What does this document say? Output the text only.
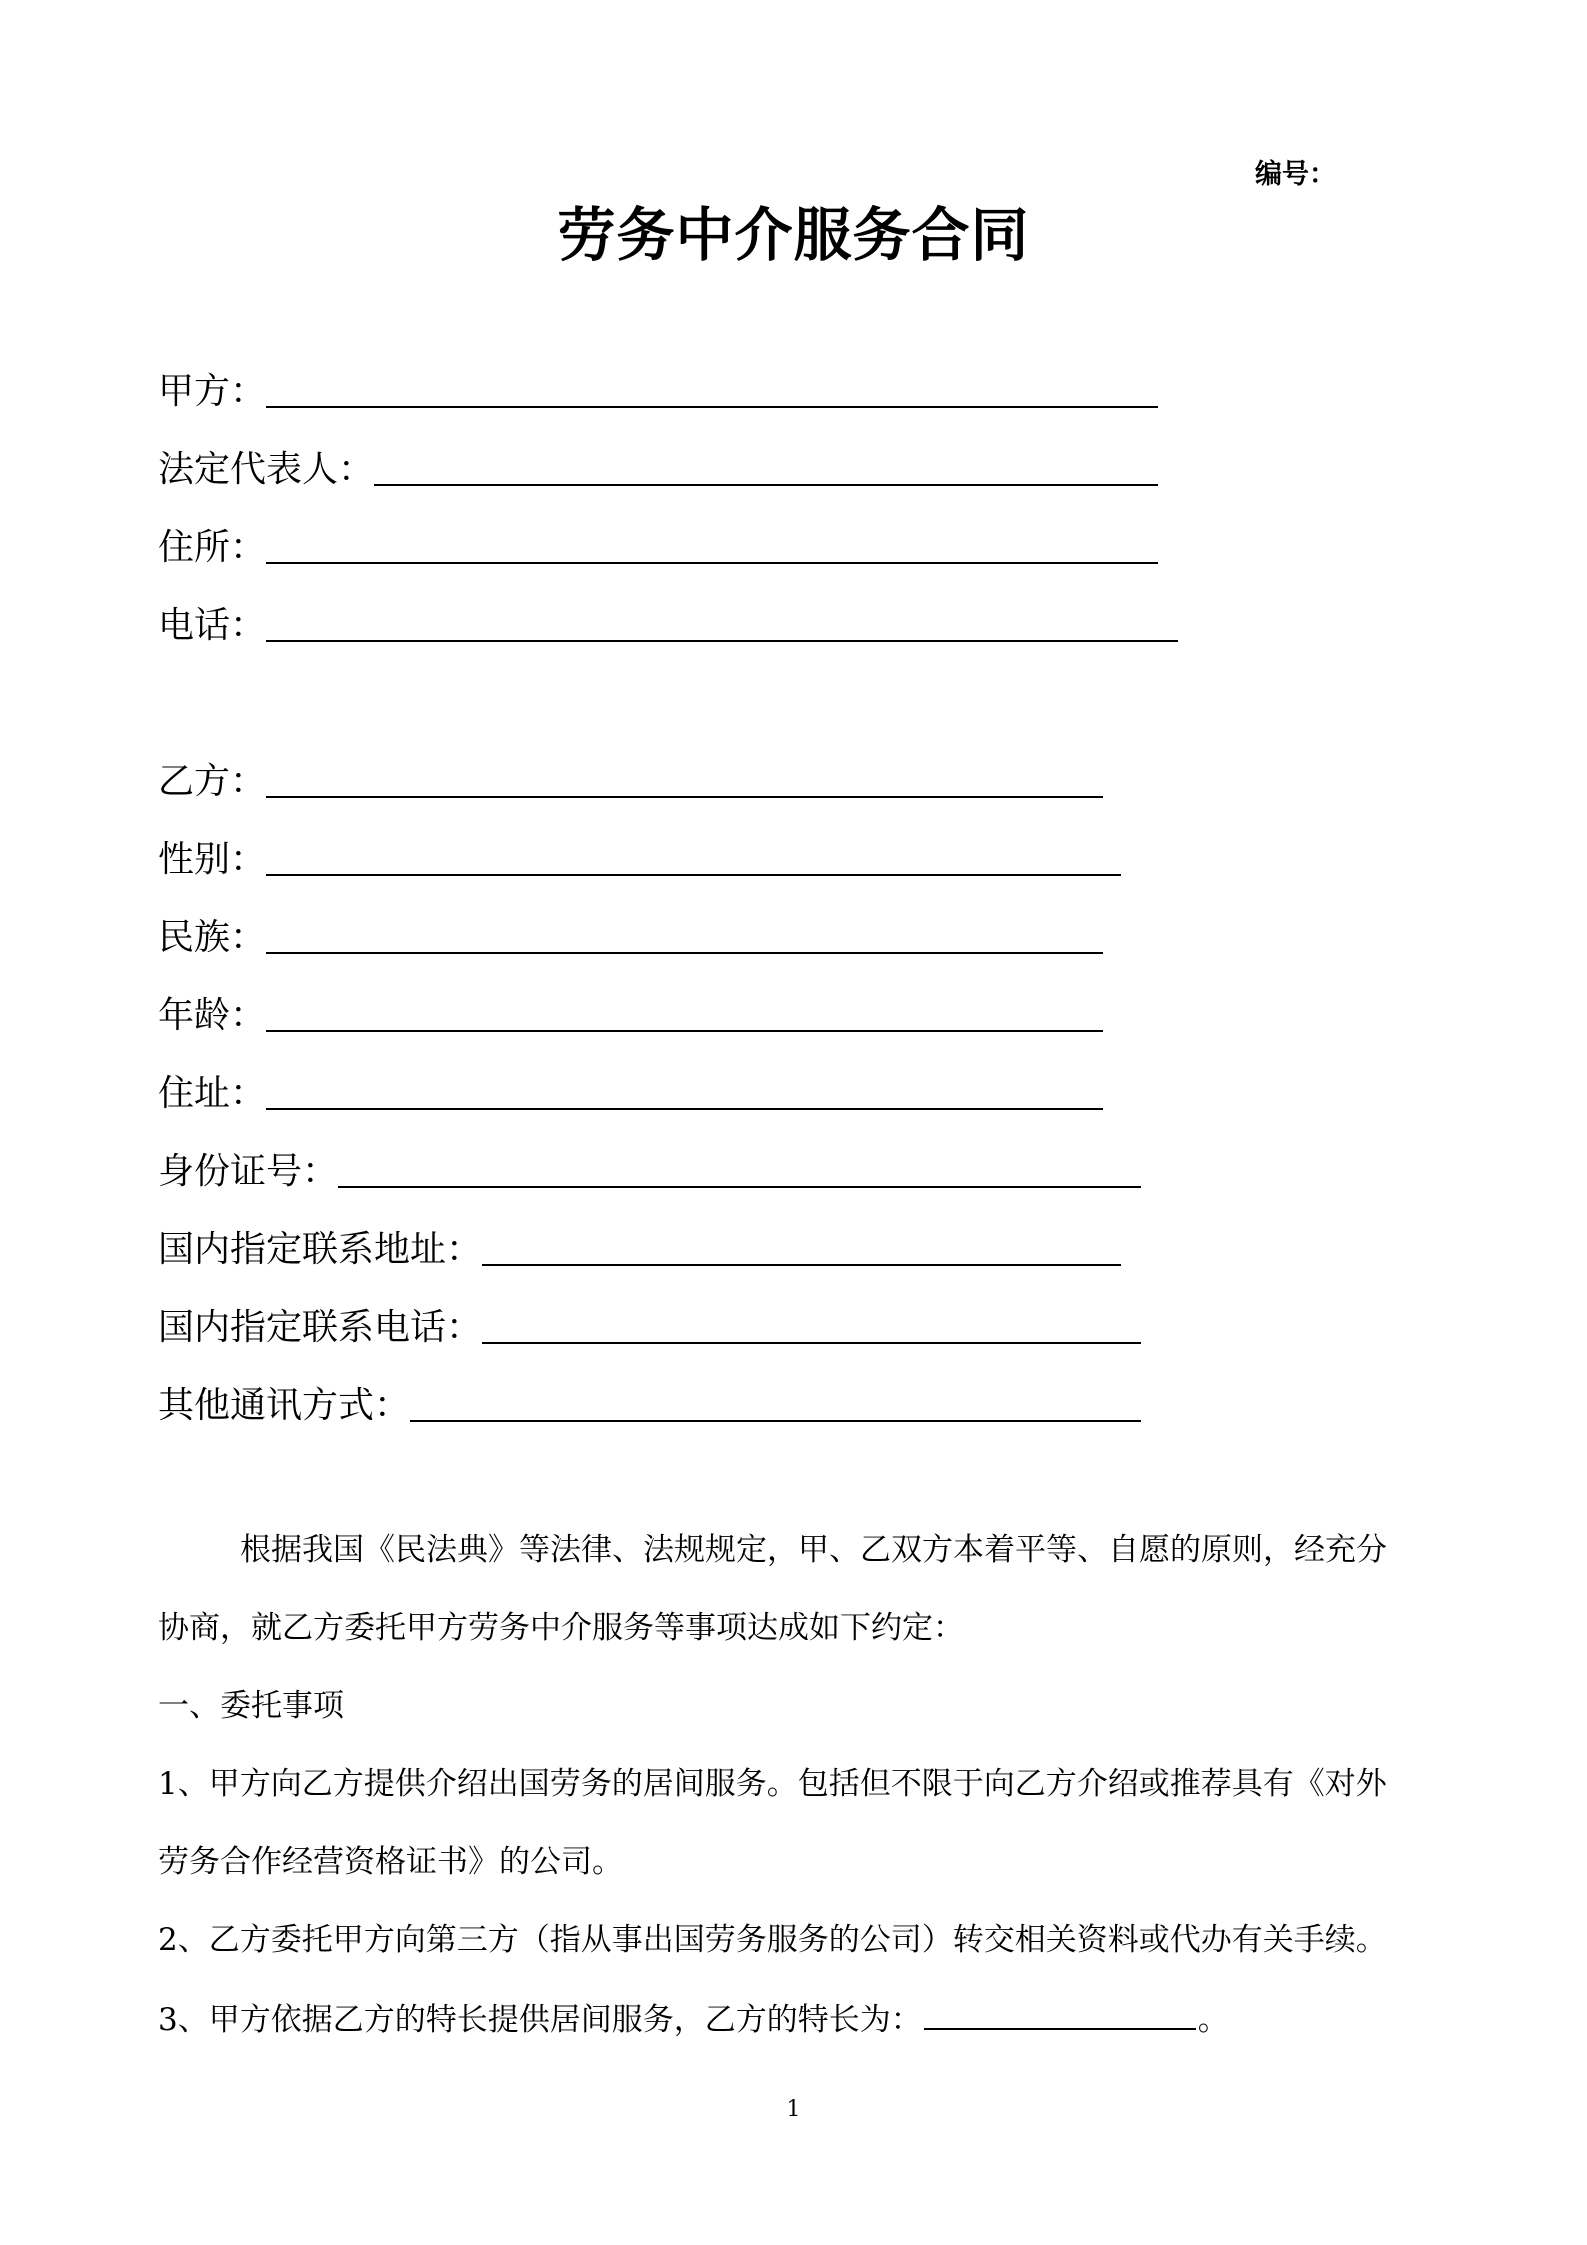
编号：
劳务中介服务合同
甲方：
法定代表人：
住所：
电话：
乙方：
性别：
民族：
年龄：
住址：
身份证号：
国内指定联系地址：
国内指定联系电话：
其他通讯方式：
根据我国《民法典》等法律、法规规定，甲、乙双方本着平等、自愿的原则，经充分
协商，就乙方委托甲方劳务中介服务等事项达成如下约定：
一、委托事项
1、甲方向乙方提供介绍出国劳务的居间服务。包括但不限于向乙方介绍或推荐具有《对外
劳务合作经营资格证书》的公司。
2、乙方委托甲方向第三方（指从事出国劳务服务的公司）转交相关资料或代办有关手续。
3、甲方依据乙方的特长提供居间服务，乙方的特长为：	。
1
